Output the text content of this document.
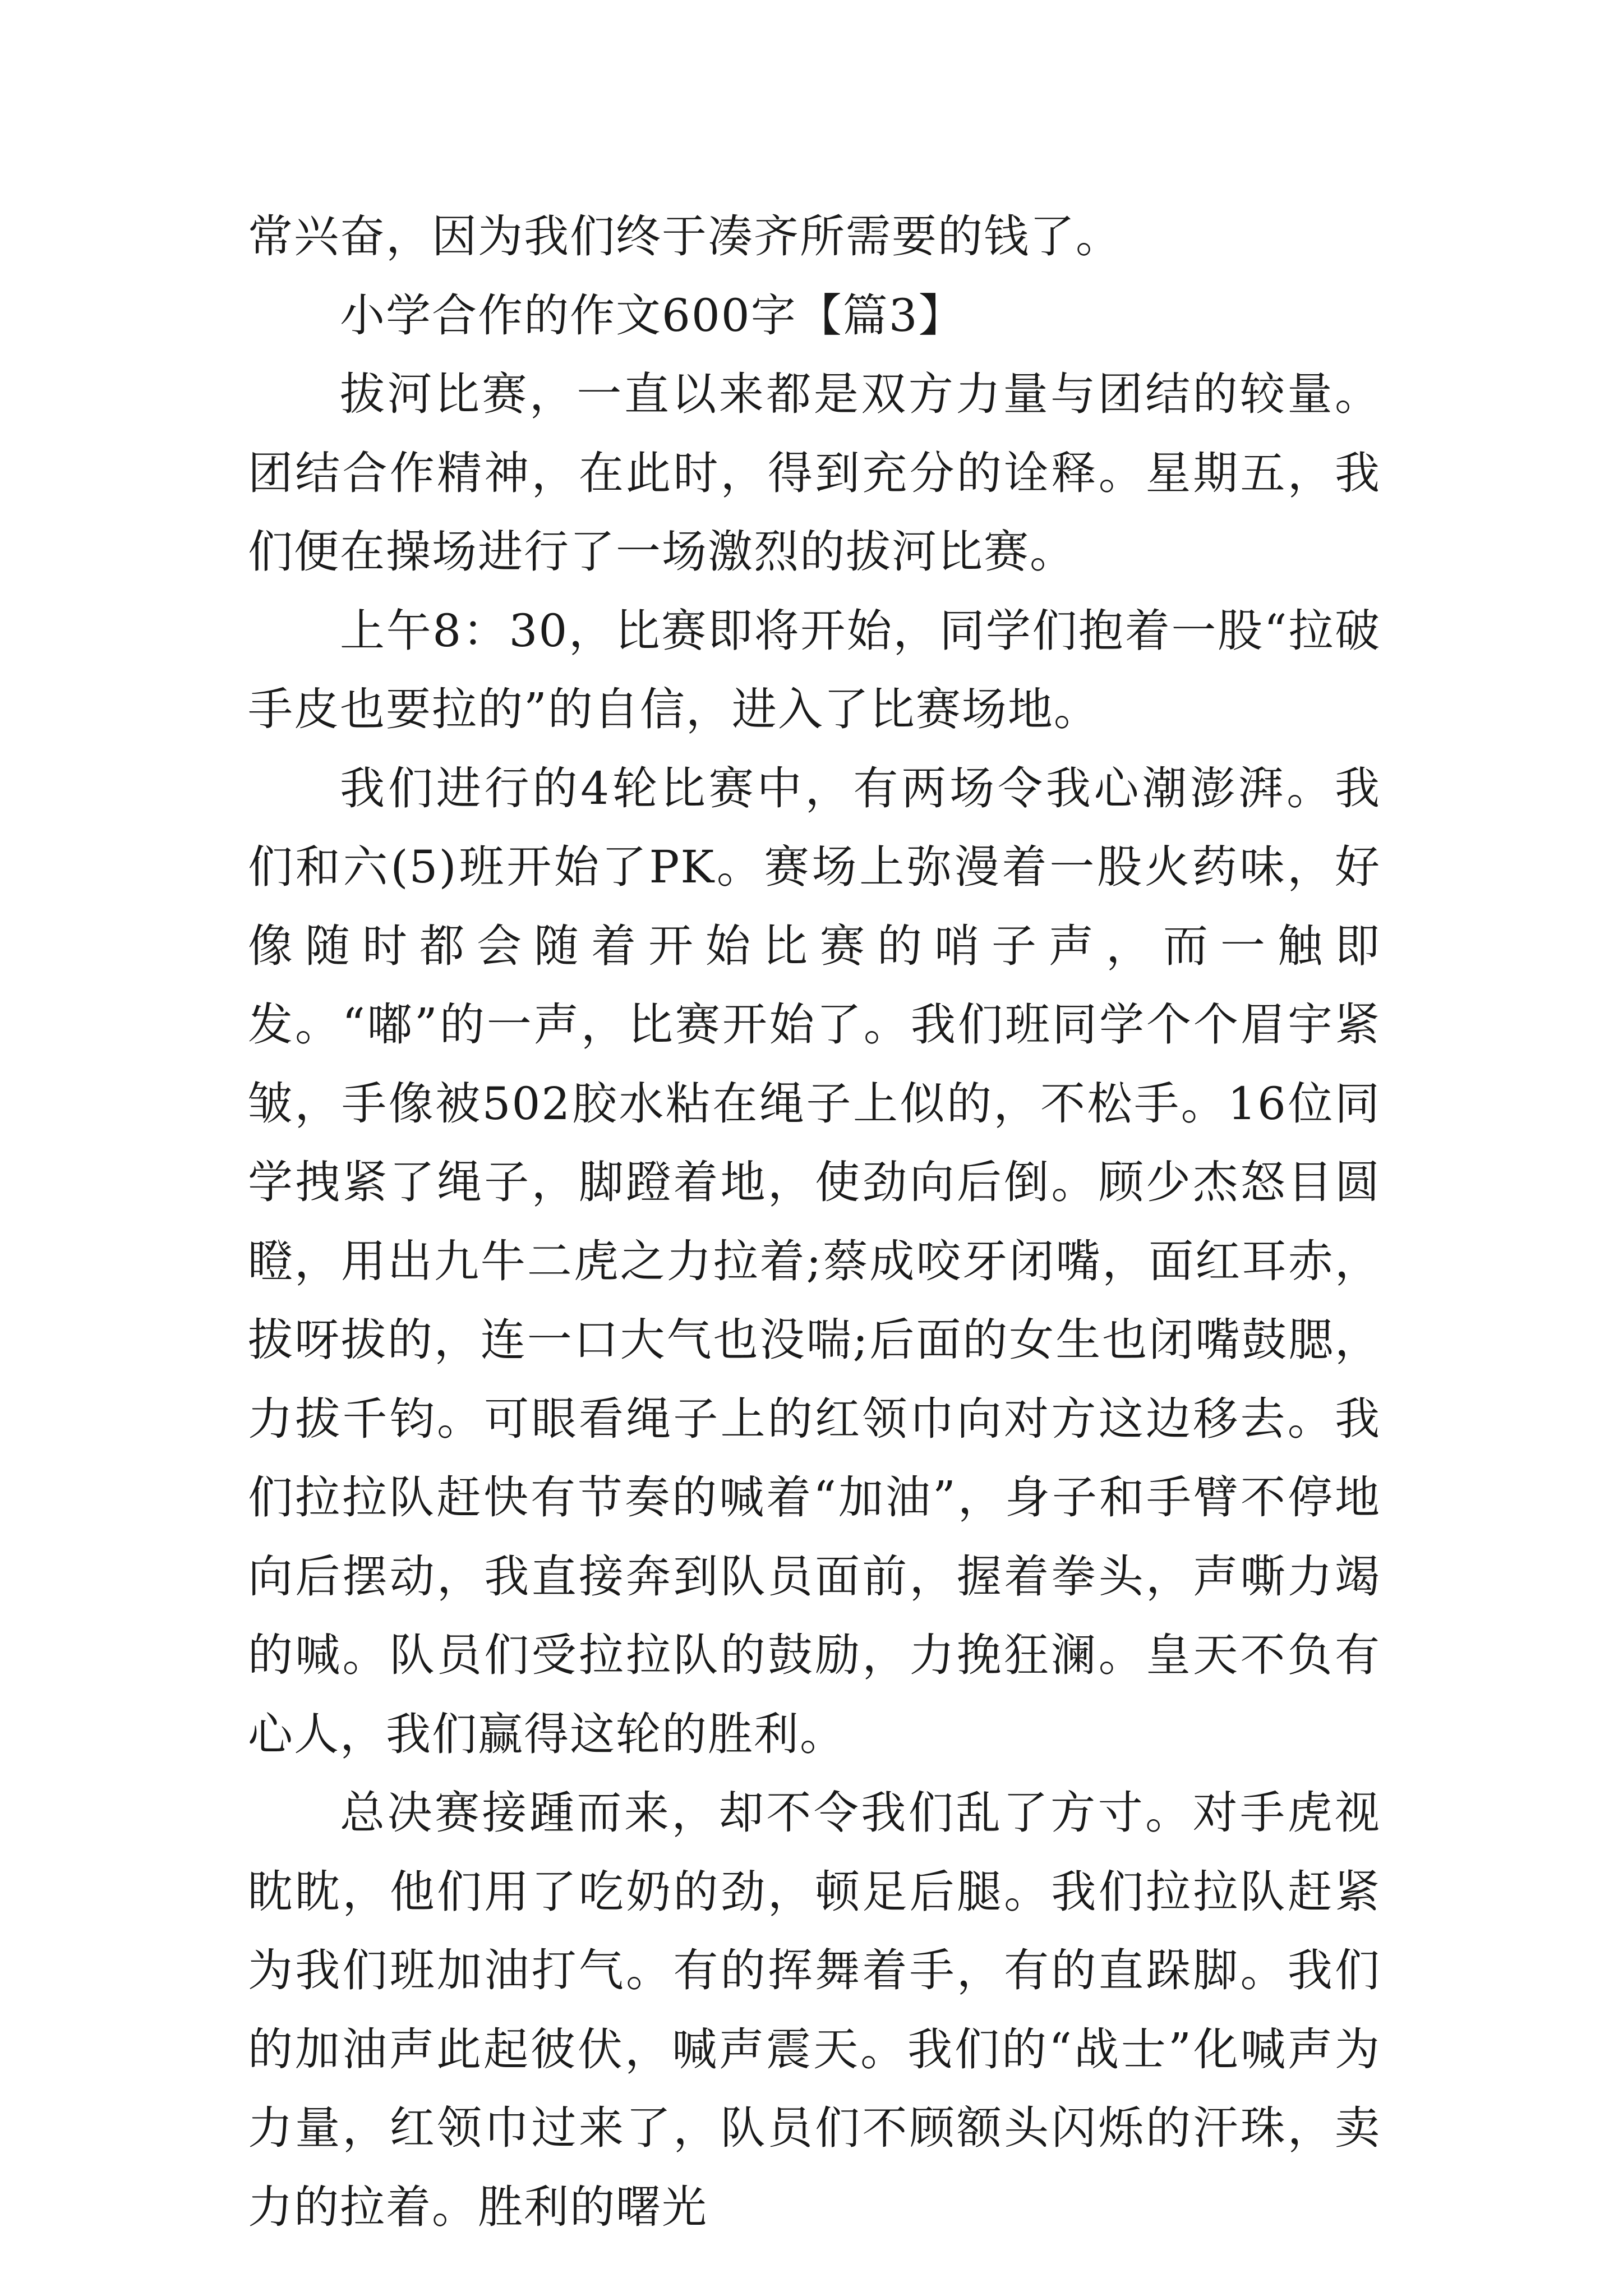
常兴奋，因为我们终于凑齐所需要的钱了。

小学合作的作文600字【篇3】

拔河比赛，一直以来都是双方力量与团结的较量。团结合作精神，在此时，得到充分的诠释。星期五，我们便在操场进行了一场激烈的拔河比赛。

上午8：30，比赛即将开始，同学们抱着一股“拉破手皮也要拉的”的自信，进入了比赛场地。

我们进行的4轮比赛中，有两场令我心潮澎湃。我们和六(5)班开始了PK。赛场上弥漫着一股火药味，好像随时都会随着开始比赛的哨子声，而一触即发。“嘟”的一声，比赛开始了。我们班同学个个眉宇紧皱，手像被502胶水粘在绳子上似的，不松手。16位同学拽紧了绳子，脚蹬着地，使劲向后倒。顾少杰怒目圆瞪，用出九牛二虎之力拉着;蔡成咬牙闭嘴，面红耳赤，拔呀拔的，连一口大气也没喘;后面的女生也闭嘴鼓腮，力拔千钧。可眼看绳子上的红领巾向对方这边移去。我们拉拉队赶快有节奏的喊着“加油”，身子和手臂不停地向后摆动，我直接奔到队员面前，握着拳头，声嘶力竭的喊。队员们受拉拉队的鼓励，力挽狂澜。皇天不负有心人，我们赢得这轮的胜利。

总决赛接踵而来，却不令我们乱了方寸。对手虎视眈眈，他们用了吃奶的劲，顿足后腿。我们拉拉队赶紧为我们班加油打气。有的挥舞着手，有的直跺脚。我们的加油声此起彼伏，喊声震天。我们的“战士”化喊声为力量，红领巾过来了，队员们不顾额头闪烁的汗珠，卖力的拉着。胜利的曙光
